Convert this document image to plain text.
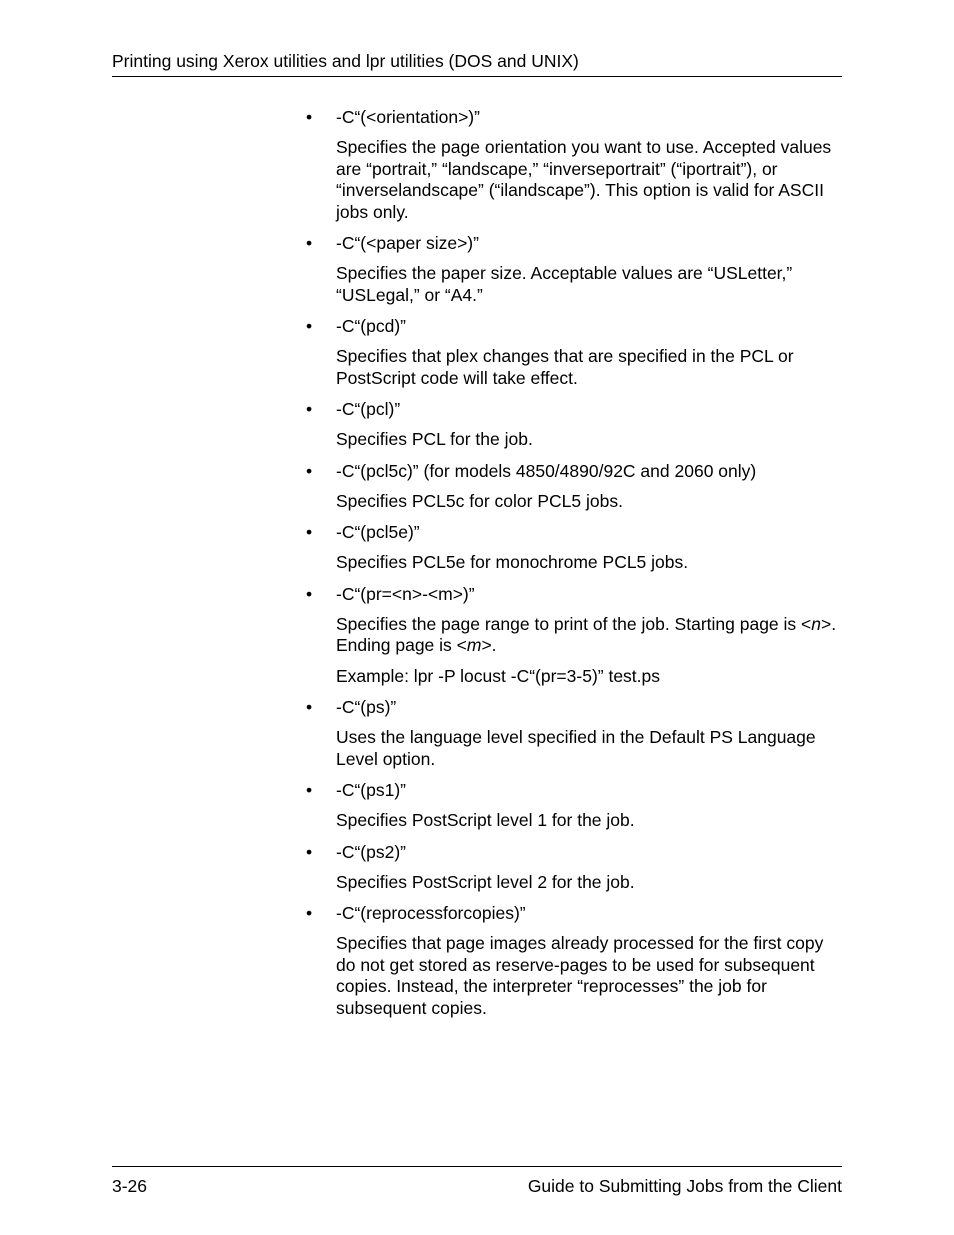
Printing using Xerox utilities and lpr utilities (DOS and UNIX)
•	-C“(<orientation>)”

Specifies the page orientation you want to use. Accepted values are “portrait,” “landscape,” “inverseportrait” (“iportrait”), or “inverselandscape” (“ilandscape”). This option is valid for ASCII jobs only.

•	-C“(<paper size>)”

Specifies the paper size. Acceptable values are “USLetter,” “USLegal,” or “A4.”

•	-C“(pcd)”

Specifies that plex changes that are specified in the PCL or PostScript code will take effect.

•	-C“(pcl)”

Specifies PCL for the job.

•	-C“(pcl5c)” (for models 4850/4890/92C and 2060 only)

Specifies PCL5c for color PCL5 jobs.

•	-C“(pcl5e)”

Specifies PCL5e for monochrome PCL5 jobs.

•	-C“(pr=<n>-<m>)”

Specifies the page range to print of the job. Starting page is <n>. Ending page is <m>.

Example: lpr -P locust -C“(pr=3-5)” test.ps

•	-C“(ps)”

Uses the language level specified in the Default PS Language Level option.

•	-C“(ps1)”

Specifies PostScript level 1 for the job.

•	-C“(ps2)”

Specifies PostScript level 2 for the job.

•	-C“(reprocessforcopies)”

Specifies that page images already processed for the first copy do not get stored as reserve-pages to be used for subsequent copies. Instead, the interpreter “reprocesses” the job for subsequent copies.

3-26	Guide to Submitting Jobs from the Client
